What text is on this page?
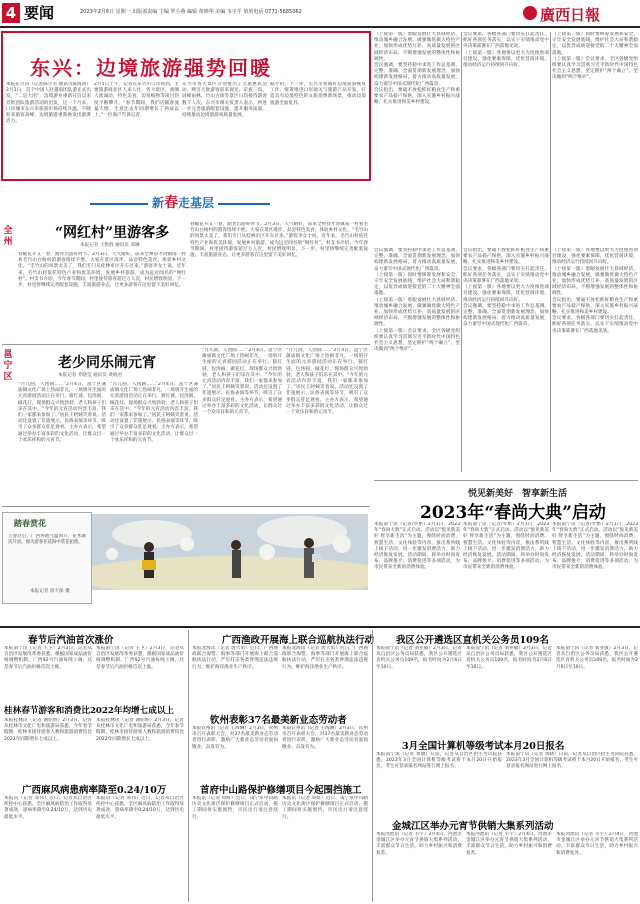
4 要闻	2023年2月6日 星期一 出版部责编 主编 罗小燕 编辑 黄锦华 美编 韦宇芊 值班电话 0771-5685062	廣西日報
东兴：边境旅游强势回暖
本报东兴讯（记者陈小杰 通讯员陈海鸿）2月1日，首个中国人赴越南团队游正式出发，“二是大团”、边境游业重新开启以来首批团队旅游活动的出发，这一个月来，口岸城市东兴市旅游市场持续升温，不断迎来旅客高峰，边境旅游重新焕发出澎湃活力。
2月1日上午，记者在东兴市口岸看到，主要旅游商业区人来人往，各大景区、商圈人流涌动，特色美食、边贸购物等项目热度不断攀升。“春节期间，我们店铺客流量大增，生意比去年同期增长了两成以上。”一位商户告诉记者。
东兴市各大景区分别推出了文旅惠民活动，吸引大批游客前来观光。京族三岛、屏峰雨林、竹山古街等景区日均接待游客数千人次。东兴市相关负责人表示，将进一步完善旅游配套设施，提升服务质量，持续推动边境旅游高质量发展。
据介绍，下一步，东兴市将做好边境旅游恢复工作，统筹推进口岸通关与旅游产品开发，打造具有边境特色的文旅消费新场景，推动边境旅游全面复苏。
（上接第一版）着眼发展壮大县域经济，推动城乡融合发展，做强做优做大特色产业，加快形成优势互补、高质量发展的区域经济布局，不断增强发展的整体性和协调性。
会议强调，要坚持稳中求进工作总基调，完整、准确、全面贯彻新发展理念，加快构建新发展格局，着力推动高质量发展，奋力谱写中国式现代化广西篇章。
会议指出，要毫不放松抓好粮食生产和重要农产品稳产保供，深入实施乡村振兴战略，扎实推进和美乡村建设。
会议要求，各级各部门要切实扛起责任，抓好各项任务落实，以实干实绩推动党中央决策部署在广西落地见效。
（上接第一版）各地要以更大力度推进项目建设，强化要素保障，优化营商环境，推动经济运行持续回升向好。
（上接第一版）同时要统筹发展和安全，守牢安全发展底线，维护社会大局和谐稳定，以优异成绩迎接党的二十大精神全面落地。
（上接第一版）会议要求，全区各级党组织要认真学习贯彻习近平新时代中国特色社会主义思想，坚定拥护“两个确立”、坚决做到“两个维护”。
会议强调，要坚持稳中求进工作总基调，完整、准确、全面贯彻新发展理念，加快构建新发展格局，着力推动高质量发展，奋力谱写中国式现代化广西篇章。
（上接第一版）同时要统筹发展和安全，守牢安全发展底线，维护社会大局和谐稳定，以优异成绩迎接党的二十大精神全面落地。
（上接第一版）着眼发展壮大县域经济，推动城乡融合发展，做强做优做大特色产业，加快形成优势互补、高质量发展的区域经济布局，不断增强发展的整体性和协调性。
（上接第一版）会议要求，全区各级党组织要认真学习贯彻习近平新时代中国特色社会主义思想，坚定拥护“两个确立”、坚决做到“两个维护”。
会议指出，要毫不放松抓好粮食生产和重要农产品稳产保供，深入实施乡村振兴战略，扎实推进和美乡村建设。
会议要求，各级各部门要切实扛起责任，抓好各项任务落实，以实干实绩推动党中央决策部署在广西落地见效。
（上接第一版）各地要以更大力度推进项目建设，强化要素保障，优化营商环境，推动经济运行持续回升向好。
会议强调，要坚持稳中求进工作总基调，完整、准确、全面贯彻新发展理念，加快构建新发展格局，着力推动高质量发展，奋力谱写中国式现代化广西篇章。
（上接第一版）各地要以更大力度推进项目建设，强化要素保障，优化营商环境，推动经济运行持续回升向好。
（上接第一版）着眼发展壮大县域经济，推动城乡融合发展，做强做优做大特色产业，加快形成优势互补、高质量发展的区域经济布局，不断增强发展的整体性和协调性。
会议指出，要毫不放松抓好粮食生产和重要农产品稳产保供，深入实施乡村振兴战略，扎实推进和美乡村建设。
会议要求，各级各部门要切实扛起责任，抓好各项任务落实，以实干实绩推动党中央决策部署在广西落地见效。
新春走基层
全州
“网红村”里游客多
本报记者 王艳群 通讯员 邓琳
春暖花开又一春，踏青出游好时节。2月3日，天气晴好，前来全州县才湾镇南一村看毛竹山白杨村的游客络绎不绝。大家在景区漫步，品尝特色美食，体验乡村文化。“毛竹山的风景太美了，我们专门从桂林市区开车过来。”游客李女士说。近年来，毛竹山村依托特色产业和优美环境，发展乡村旅游，成为远近闻名的“网红村”。村支书介绍，今年春节期间，村里接待游客超过万人次，村民增收明显。下一步，村里将继续完善配套设施，丰富旅游业态，让更多游客在这里留下美好回忆。
春暖花开又一春，踏青出游好时节。2月3日，天气晴好，前来全州县才湾镇南一村看毛竹山白杨村的游客络绎不绝。大家在景区漫步，品尝特色美食，体验乡村文化。“毛竹山的风景太美了，我们专门从桂林市区开车过来。”游客李女士说。近年来，毛竹山村依托特色产业和优美环境，发展乡村旅游，成为远近闻名的“网红村”。村支书介绍，今年春节期间，村里接待游客超过万人次，村民增收明显。下一步，村里将继续完善配套设施，丰富旅游业态，让更多游客在这里留下美好回忆。
邕宁区
老少同乐闹元宵
本报记者 乔晓莹 通讯员 黄晓君
“月儿圆，人团圆……”2月4日，邕宁区蒲庙镇文化广场上热闹非凡，一场别开生面的元宵游园活动正在举行。猜灯谜、包汤圆、做花灯，现场群众兴致勃勃，老人和孩子们乐在其中。“今年的元宵活动内容丰富，我们一家都来参加了。”居民王阿姨笑着说。活动还设置了非遗展示、民俗表演等环节，吸引了众多群众驻足观看。主办方表示，希望通过举办丰富多彩的文化活动，让群众过一个欢乐祥和的元宵节。
“月儿圆，人团圆……”2月4日，邕宁区蒲庙镇文化广场上热闹非凡，一场别开生面的元宵游园活动正在举行。猜灯谜、包汤圆、做花灯，现场群众兴致勃勃，老人和孩子们乐在其中。“今年的元宵活动内容丰富，我们一家都来参加了。”居民王阿姨笑着说。活动还设置了非遗展示、民俗表演等环节，吸引了众多群众驻足观看。主办方表示，希望通过举办丰富多彩的文化活动，让群众过一个欢乐祥和的元宵节。
“月儿圆，人团圆……”2月4日，邕宁区蒲庙镇文化广场上热闹非凡，一场别开生面的元宵游园活动正在举行。猜灯谜、包汤圆、做花灯，现场群众兴致勃勃，老人和孩子们乐在其中。“今年的元宵活动内容丰富，我们一家都来参加了。”居民王阿姨笑着说。活动还设置了非遗展示、民俗表演等环节，吸引了众多群众驻足观看。主办方表示，希望通过举办丰富多彩的文化活动，让群众过一个欢乐祥和的元宵节。
“月儿圆，人团圆……”2月4日，邕宁区蒲庙镇文化广场上热闹非凡，一场别开生面的元宵游园活动正在举行。猜灯谜、包汤圆、做花灯，现场群众兴致勃勃，老人和孩子们乐在其中。“今年的元宵活动内容丰富，我们一家都来参加了。”居民王阿姨笑着说。活动还设置了非遗展示、民俗表演等环节，吸引了众多群众驻足观看。主办方表示，希望通过举办丰富多彩的文化活动，让群众过一个欢乐祥和的元宵节。
踏春赏花
立春过后，广西各地气温回升，花木渐次开放。图为游客在花海中赏花拍照。
本报记者 徐天保 摄
悦见新美好　智享新生活
2023年“春尚大典”启动
本报南宁讯（记者/罗繁）2月1日，2023年“春尚大典”正式启动。活动以“悦见新美好 智享新生活”为主题，围绕时尚消费、智慧生活、文化体验等内容，推出系列线上线下活动，进一步激发消费活力，助力经济恢复发展。活动期间，将举办时尚发布、品牌推介、消费促进等多项活动，为市民带来全新的消费体验。
本报南宁讯（记者/罗繁）2月1日，2023年“春尚大典”正式启动。活动以“悦见新美好 智享新生活”为主题，围绕时尚消费、智慧生活、文化体验等内容，推出系列线上线下活动，进一步激发消费活力，助力经济恢复发展。活动期间，将举办时尚发布、品牌推介、消费促进等多项活动，为市民带来全新的消费体验。
本报南宁讯（记者/罗繁）2月1日，2023年“春尚大典”正式启动。活动以“悦见新美好 智享新生活”为主题，围绕时尚消费、智慧生活、文化体验等内容，推出系列线上线下活动，进一步激发消费活力，助力经济恢复发展。活动期间，将举办时尚发布、品牌推介、消费促进等多项活动，为市民带来全新的消费体验。
春节后汽油首次涨价
本报南宁讯（记者 王卫）2月3日，记者从自治区发展改革委获悉，根据国家成品油价格调整机制，广西92号汽油每吨上调，这是春节后汽油价格首次上涨。
本报南宁讯（记者 王卫）2月3日，记者从自治区发展改革委获悉，根据国家成品油价格调整机制，广西92号汽油每吨上调，这是春节后汽油价格首次上涨。
桂林春节游客和消费比2022年均增七成以上
本报桂林讯（记者 谢绍娇）2月3日，记者从桂林市文化广电和旅游局获悉，今年春节假期，桂林市接待游客人数和旅游消费均比2022年同期增长七成以上。
本报桂林讯（记者 谢绍娇）2月3日，记者从桂林市文化广电和旅游局获悉，今年春节假期，桂林市接待游客人数和旅游消费均比2022年同期增长七成以上。
广西麻风病患病率降至0.24/10万
本报讯（记者 邓伟）近日，记者从自治区疾控中心获悉，全区麻风病防治工作取得显著成效，患病率降至0.24/10万，达到历史最低水平。
本报讯（记者 邓伟）近日，记者从自治区疾控中心获悉，全区麻风病防治工作取得显著成效，患病率降至0.24/10万，达到历史最低水平。
广西渔政开展海上联合巡航执法行动
本报北海讯（记者 唐大勇）近日，广西渔政联合海警、海事等部门开展海上联合巡航执法行动，严厉打击各类涉渔违法违规行为，维护海洋渔业生产秩序。
本报北海讯（记者 唐大勇）近日，广西渔政联合海警、海事等部门开展海上联合巡航执法行动，严厉打击各类涉渔违法违规行为，维护海洋渔业生产秩序。
钦州表彰37名最美新业态劳动者
本报钦州讯（记者 王海琳）2月3日，钦州市召开表彰大会，对37名最美新业态劳动者进行表彰，激励广大新业态劳动者爱岗敬业、奋发有为。
本报钦州讯（记者 王海琳）2月3日，钦州市召开表彰大会，对37名最美新业态劳动者进行表彰，激励广大新业态劳动者爱岗敬业、奋发有为。
首府中山路保护修缮项目今起围挡施工
本报讯（记者 覃虹）近日，南宁市中山路历史文化街区保护修缮项目正式启动，施工期间将实施围挡，市民出行请注意绕行。
本报讯（记者 覃虹）近日，南宁市中山路历史文化街区保护修缮项目正式启动，施工期间将实施围挡，市民出行请注意绕行。
我区公开遴选区直机关公务员109名
本报南宁讯（记者 刘亚敏）2月3日，记者从自治区公务员局获悉，我区公开遴选区直机关公务员109名，报名时间为2月6日至10日。
本报南宁讯（记者 刘亚敏）2月3日，记者从自治区公务员局获悉，我区公开遴选区直机关公务员109名，报名时间为2月6日至10日。
本报南宁讯（记者 刘亚敏）2月3日，记者从自治区公务员局获悉，我区公开遴选区直机关公务员109名，报名时间为2月6日至10日。
3月全国计算机等级考试本月20日报名
本报南宁讯（记者 黄晓）日前，记者从自治区招生考试院获悉，2023年3月全国计算机等级考试将于本月20日开始报名，考生可登录报名网站进行网上报名。
本报南宁讯（记者 黄晓）日前，记者从自治区招生考试院获悉，2023年3月全国计算机等级考试将于本月20日开始报名，考生可登录报名网站进行网上报名。
金城江区举办元宵节供销大集系列活动
本报河池讯（记者 韦宇）2月4日，河池市金城江区举办元宵节供销大集系列活动，丰富群众节日生活，助力乡村振兴和消费复苏。
本报河池讯（记者 韦宇）2月4日，河池市金城江区举办元宵节供销大集系列活动，丰富群众节日生活，助力乡村振兴和消费复苏。
本报河池讯（记者 韦宇）2月4日，河池市金城江区举办元宵节供销大集系列活动，丰富群众节日生活，助力乡村振兴和消费复苏。
